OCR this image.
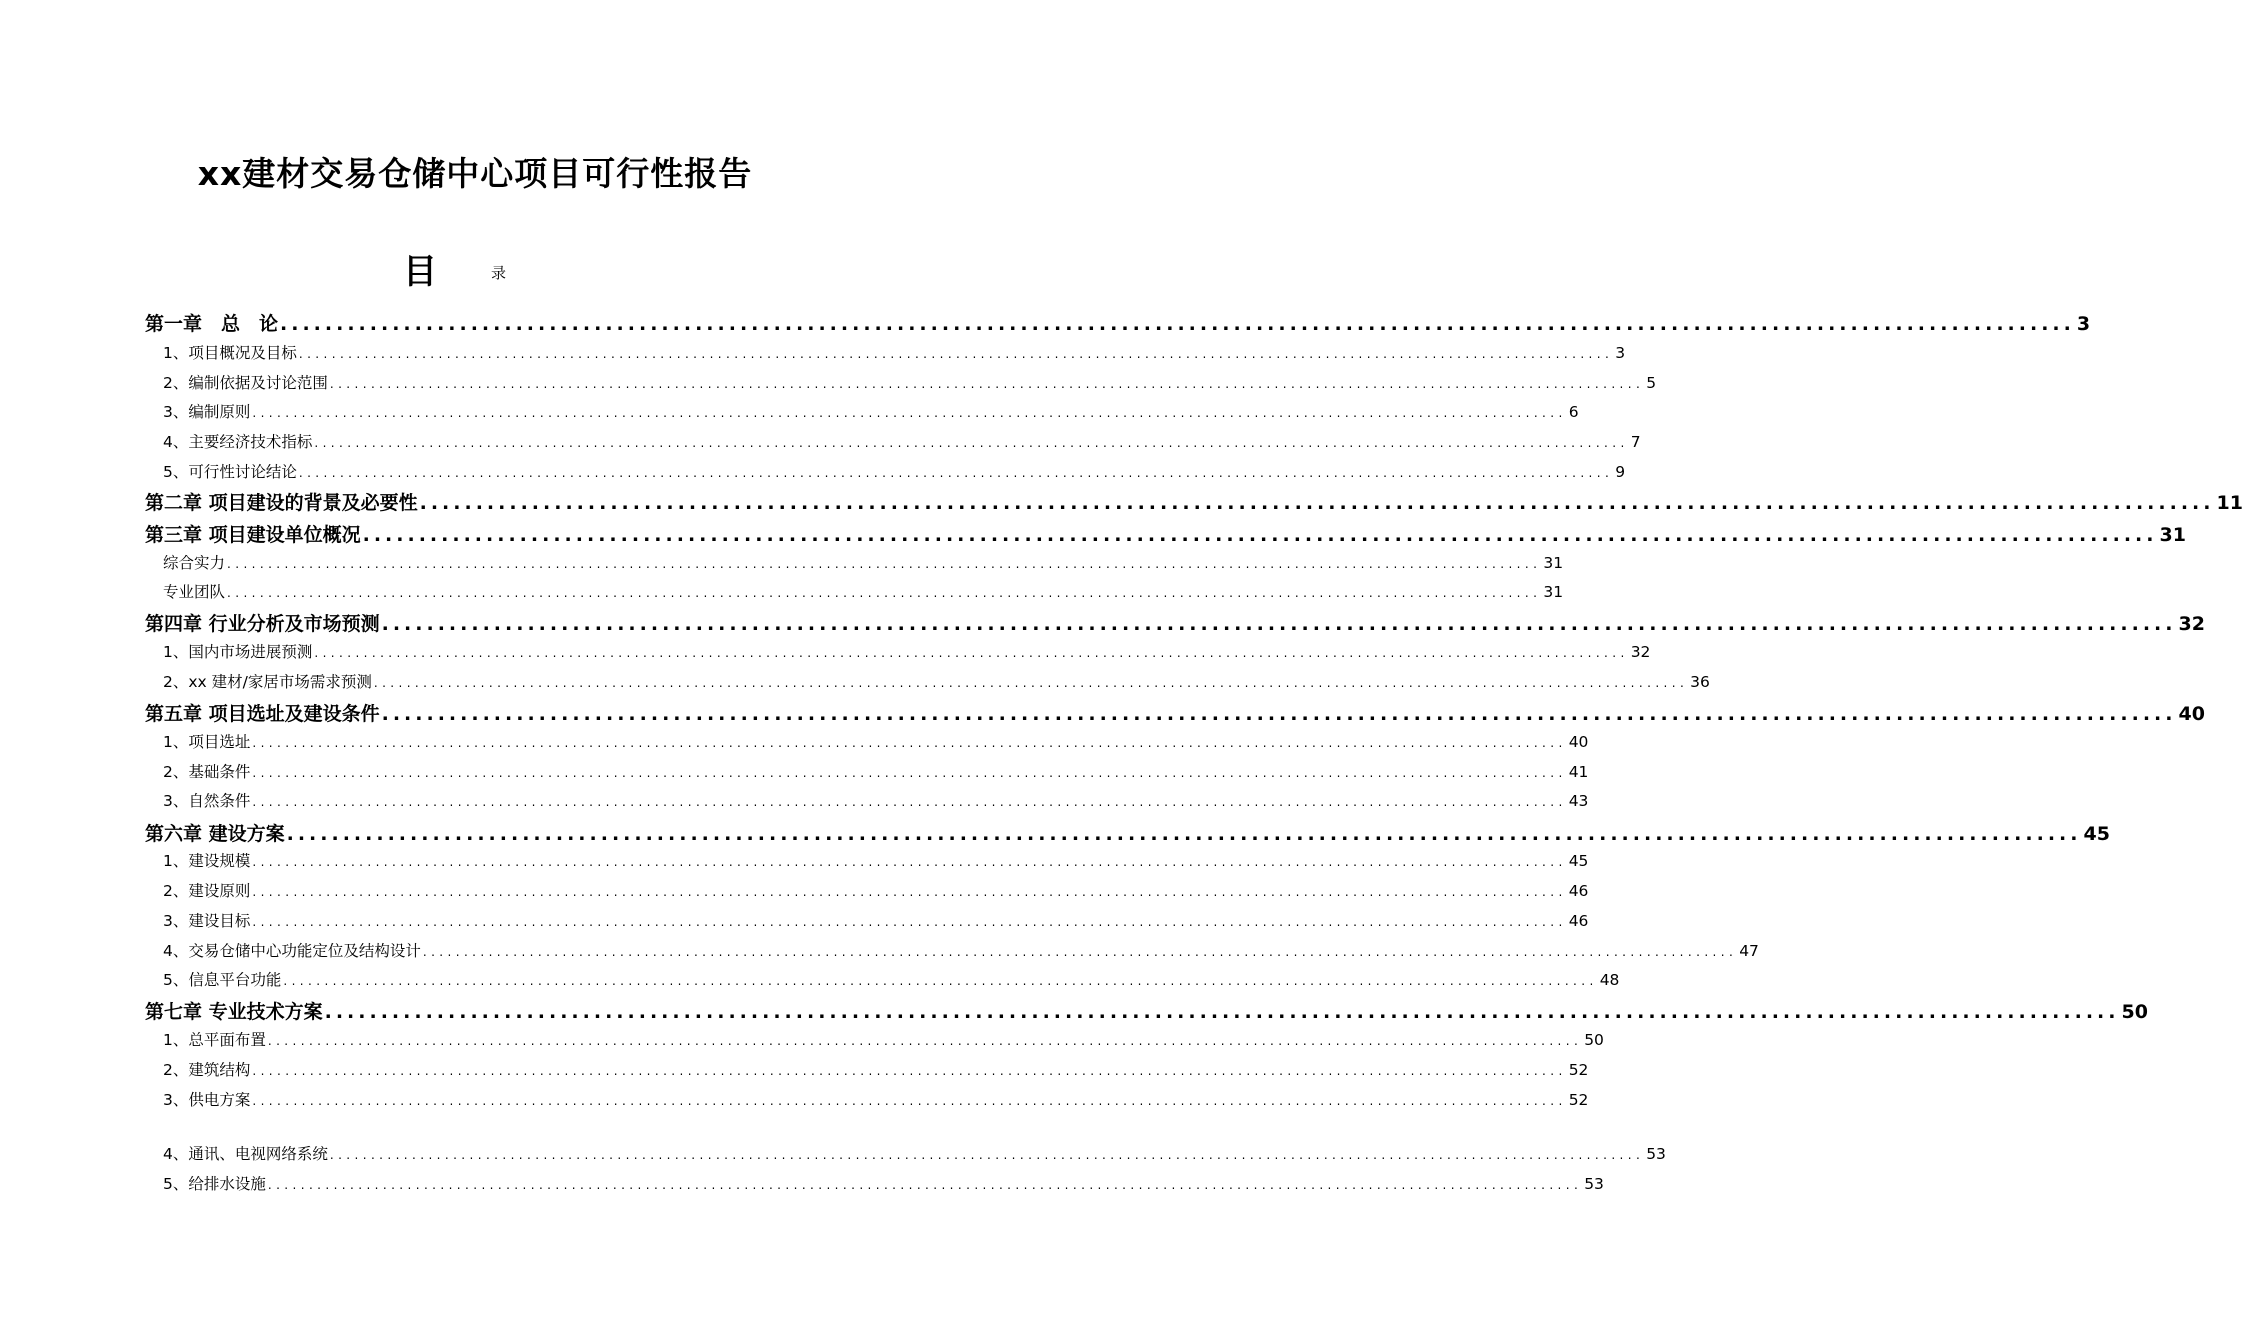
xx建材交易仓储中心项目可行性报告
目	录
第一章　总　论 ................................................................................................................................................................ 3
1、项目概况及目标 ................................................................................................................................................................ 3
2、编制依据及讨论范围 ................................................................................................................................................................ 5
3、编制原则 ................................................................................................................................................................ 6
4、主要经济技术指标 ................................................................................................................................................................ 7
5、可行性讨论结论 ................................................................................................................................................................ 9
第二章 项目建设的背景及必要性 ................................................................................................................................................................ 11
第三章 项目建设单位概况 ................................................................................................................................................................ 31
综合实力 ................................................................................................................................................................ 31
专业团队 ................................................................................................................................................................ 31
第四章 行业分析及市场预测 ................................................................................................................................................................ 32
1、国内市场进展预测 ................................................................................................................................................................ 32
2、xx 建材/家居市场需求预测 ................................................................................................................................................................ 36
第五章 项目选址及建设条件 ................................................................................................................................................................ 40
1、项目选址 ................................................................................................................................................................ 40
2、基础条件 ................................................................................................................................................................ 41
3、自然条件 ................................................................................................................................................................ 43
第六章 建设方案 ................................................................................................................................................................ 45
1、建设规模 ................................................................................................................................................................ 45
2、建设原则 ................................................................................................................................................................ 46
3、建设目标 ................................................................................................................................................................ 46
4、交易仓储中心功能定位及结构设计 ................................................................................................................................................................ 47
5、信息平台功能 ................................................................................................................................................................ 48
第七章 专业技术方案 ................................................................................................................................................................ 50
1、总平面布置 ................................................................................................................................................................ 50
2、建筑结构 ................................................................................................................................................................ 52
3、供电方案 ................................................................................................................................................................ 52
4、通讯、电视网络系统 ................................................................................................................................................................ 53
5、给排水设施 ................................................................................................................................................................ 53
